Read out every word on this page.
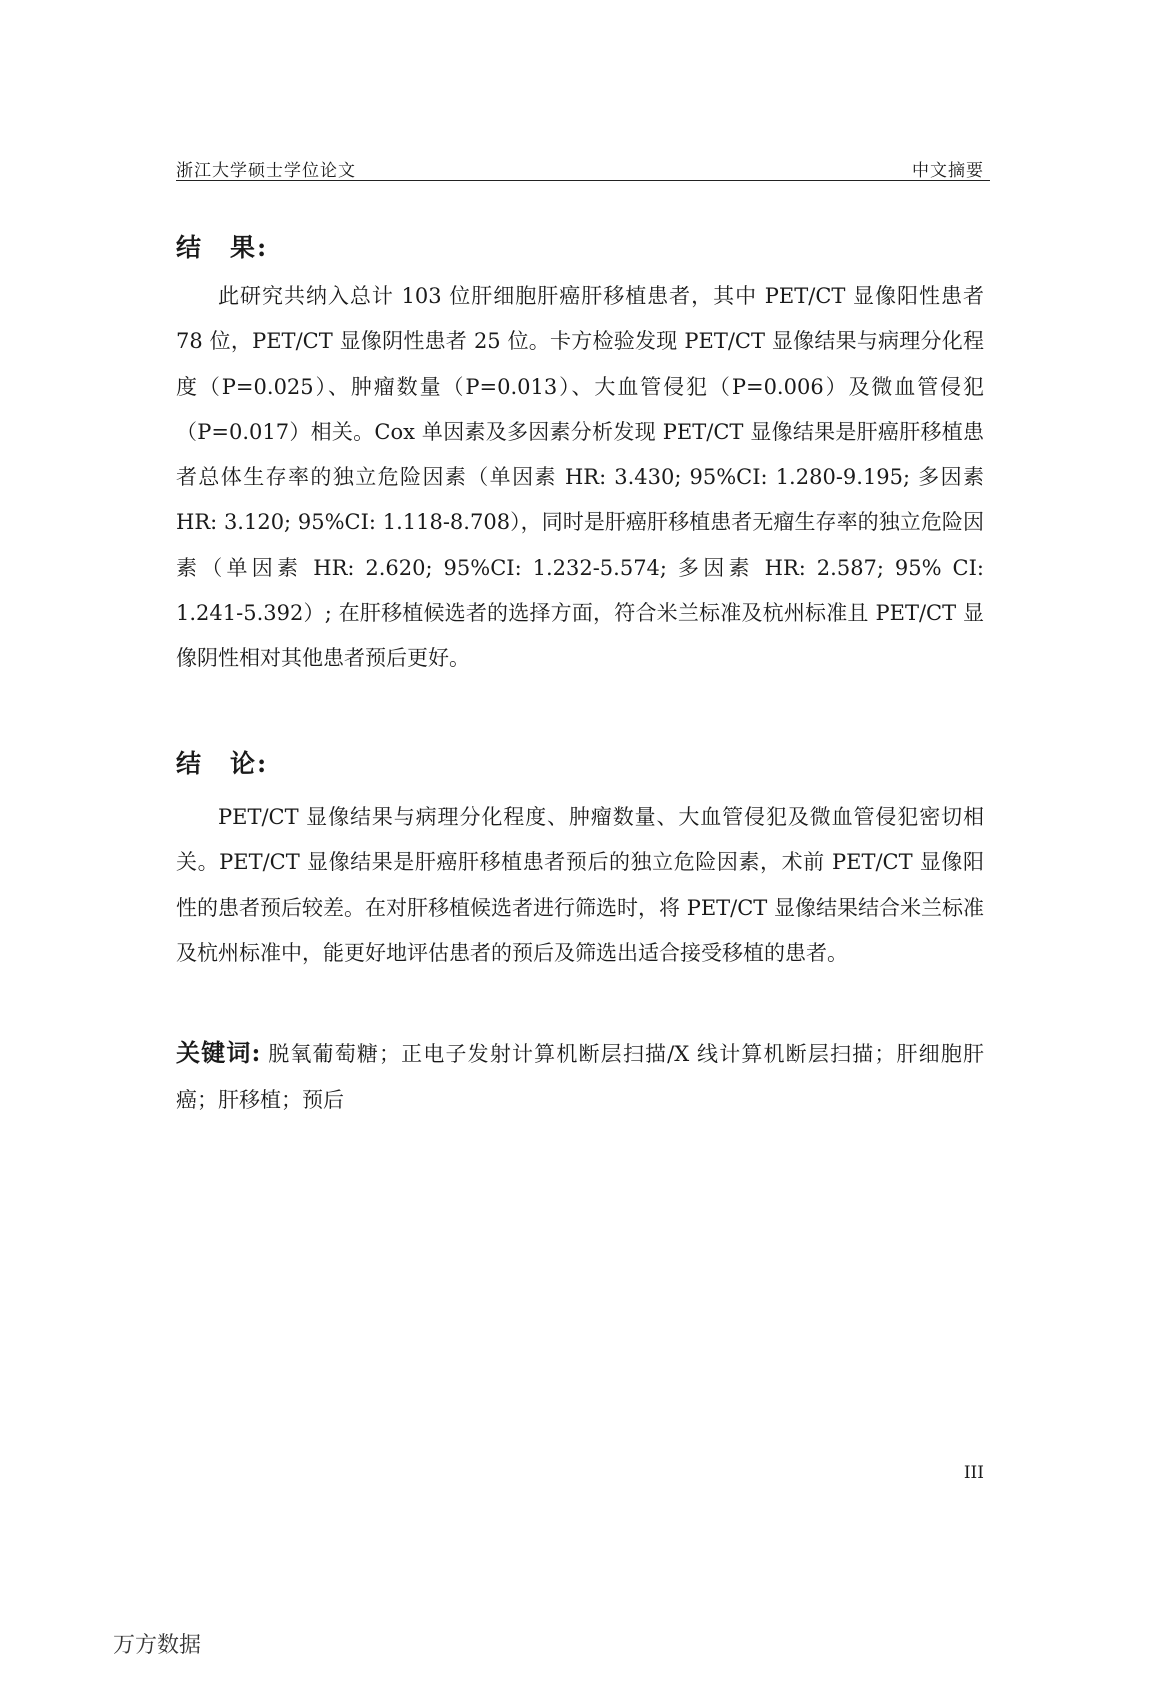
浙江大学硕士学位论文	中文摘要
结　果:
此研究共纳入总计 103 位肝细胞肝癌肝移植患者，其中 PET/CT 显像阳性患者 78 位，PET/CT 显像阴性患者 25 位。卡方检验发现 PET/CT 显像结果与病理分化程度（P=0.025）、肿瘤数量（P=0.013）、大血管侵犯（P=0.006）及微血管侵犯（P=0.017）相关。Cox 单因素及多因素分析发现 PET/CT 显像结果是肝癌肝移植患者总体生存率的独立危险因素（单因素 HR: 3.430; 95%CI: 1.280-9.195; 多因素 HR: 3.120; 95%CI: 1.118-8.708），同时是肝癌肝移植患者无瘤生存率的独立危险因素（单因素 HR: 2.620; 95%CI: 1.232-5.574; 多因素 HR: 2.587; 95% CI: 1.241-5.392）; 在肝移植候选者的选择方面，符合米兰标准及杭州标准且 PET/CT 显像阴性相对其他患者预后更好。
结　论:
PET/CT 显像结果与病理分化程度、肿瘤数量、大血管侵犯及微血管侵犯密切相关。PET/CT 显像结果是肝癌肝移植患者预后的独立危险因素，术前 PET/CT 显像阳性的患者预后较差。在对肝移植候选者进行筛选时，将 PET/CT 显像结果结合米兰标准及杭州标准中，能更好地评估患者的预后及筛选出适合接受移植的患者。
关键词: 脱氧葡萄糖；正电子发射计算机断层扫描/X 线计算机断层扫描；肝细胞肝癌；肝移植；预后
III
万方数据
